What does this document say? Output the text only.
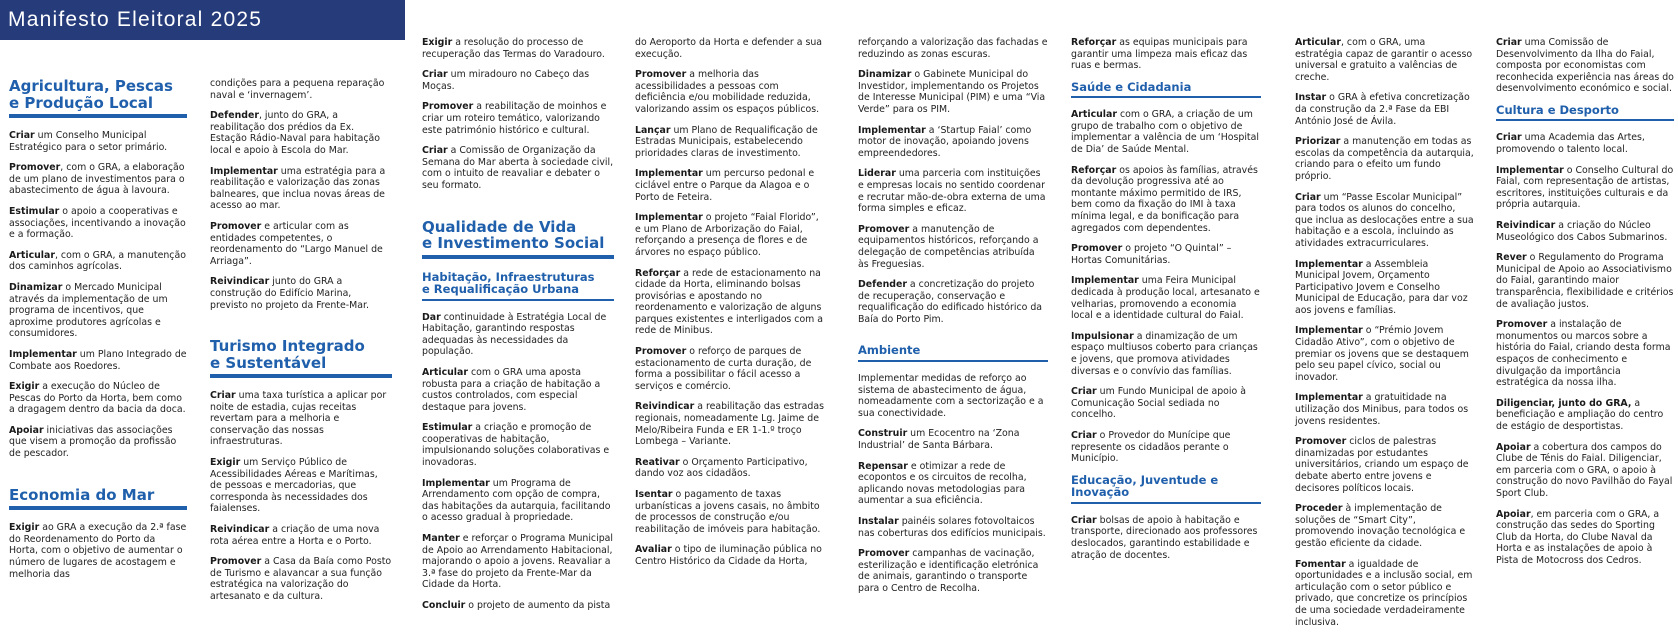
Manifesto Eleitoral 2025
Agricultura, Pescas
e Produção Local

Criar um Conselho Municipal Estratégico para o setor primário.

Promover, com o GRA, a elaboração de um plano de investimentos para o abastecimento de água à lavoura.

Estimular o apoio a cooperativas e associações, incentivando a inovação e a formação.

Articular, com o GRA, a manutenção dos caminhos agrícolas.

Dinamizar o Mercado Municipal através da implementação de um programa de incentivos, que aproxime produtores agrícolas e consumidores.

Implementar um Plano Integrado de Combate aos Roedores.

Exigir a execução do Núcleo de Pescas do Porto da Horta, bem como a dragagem dentro da bacia da doca.

Apoiar iniciativas das associações que visem a promoção da profissão de pescador.

Economia do Mar

Exigir ao GRA a execução da 2.ª fase do Reordenamento do Porto da Horta, com o objetivo de aumentar o número de lugares de acostagem e melhoria das

condições para a pequena reparação naval e ‘invernagem’.

Defender, junto do GRA, a reabilitação dos prédios da Ex. Estação Rádio-Naval para habitação local e apoio à Escola do Mar.

Implementar uma estratégia para a reabilitação e valorização das zonas balneares, que inclua novas áreas de acesso ao mar.

Promover e articular com as entidades competentes, o reordenamento do “Largo Manuel de Arriaga”.

Reivindicar junto do GRA a construção do Edifício Marina, previsto no projeto da Frente-Mar.

Turismo Integrado
e Sustentável

Criar uma taxa turística a aplicar por noite de estadia, cujas receitas revertam para a melhoria e conservação das nossas infraestruturas.

Exigir um Serviço Público de Acessibilidades Aéreas e Marítimas, de pessoas e mercadorias, que corresponda às necessidades dos faialenses.

Reivindicar a criação de uma nova rota aérea entre a Horta e o Porto.

Promover a Casa da Baía como Posto de Turismo e alavancar a sua função estratégica na valorização do artesanato e da cultura.

Exigir a resolução do processo de recuperação das Termas do Varadouro.

Criar um miradouro no Cabeço das Moças.

Promover a reabilitação de moinhos e criar um roteiro temático, valorizando este património histórico e cultural.

Criar a Comissão de Organização da Semana do Mar aberta à sociedade civil, com o intuito de reavaliar e debater o seu formato.

Qualidade de Vida
e Investimento Social
Habitação, Infraestruturas
e Requalificação Urbana

Dar continuidade à Estratégia Local de Habitação, garantindo respostas adequadas às necessidades da população.

Articular com o GRA uma aposta robusta para a criação de habitação a custos controlados, com especial destaque para jovens.

Estimular a criação e promoção de cooperativas de habitação, impulsionando soluções colaborativas e inovadoras.

Implementar um Programa de Arrendamento com opção de compra, das habitações da autarquia, facilitando o acesso gradual à propriedade.

Manter e reforçar o Programa Municipal de Apoio ao Arrendamento Habitacional, majorando o apoio a jovens. Reavaliar a 3.ª fase do projeto da Frente-Mar da Cidade da Horta.

Concluir o projeto de aumento da pista

do Aeroporto da Horta e defender a sua execução.

Promover a melhoria das acessibilidades a pessoas com deficiência e/ou mobilidade reduzida, valorizando assim os espaços públicos.

Lançar um Plano de Requalificação de Estradas Municipais, estabelecendo prioridades claras de investimento.

Implementar um percurso pedonal e ciclável entre o Parque da Alagoa e o Porto de Feteira.

Implementar o projeto “Faial Florido”, e um Plano de Arborização do Faial, reforçando a presença de flores e de árvores no espaço público.

Reforçar a rede de estacionamento na cidade da Horta, eliminando bolsas provisórias e apostando no reordenamento e valorização de alguns parques existentes e interligados com a rede de Minibus.

Promover o reforço de parques de estacionamento de curta duração, de forma a possibilitar o fácil acesso a serviços e comércio.

Reivindicar a reabilitação das estradas regionais, nomeadamente Lg. Jaime de Melo/Ribeira Funda e ER 1-1.º troço Lombega – Variante.

Reativar o Orçamento Participativo, dando voz aos cidadãos.

Isentar o pagamento de taxas urbanísticas a jovens casais, no âmbito de processos de construção e/ou reabilitação de imóveis para habitação.

Avaliar o tipo de iluminação pública no Centro Histórico da Cidade da Horta,

reforçando a valorização das fachadas e reduzindo as zonas escuras.

Dinamizar o Gabinete Municipal do Investidor, implementando os Projetos de Interesse Municipal (PIM) e uma “Via Verde” para os PIM.

Implementar a ‘Startup Faial’ como motor de inovação, apoiando jovens empreendedores.

Liderar uma parceria com instituições e empresas locais no sentido coordenar e recrutar mão-de-obra externa de uma forma simples e eficaz.

Promover a manutenção de equipamentos históricos, reforçando a delegação de competências atribuída às Freguesias.

Defender a concretização do projeto de recuperação, conservação e requalificação do edificado histórico da Baía do Porto Pim.

Ambiente

Implementar medidas de reforço ao sistema de abastecimento de água, nomeadamente com a sectorização e a sua conectividade.

Construir um Ecocentro na ‘Zona Industrial’ de Santa Bárbara.

Repensar e otimizar a rede de ecopontos e os circuitos de recolha, aplicando novas metodologias para aumentar a sua eficiência.

Instalar painéis solares fotovoltaicos nas coberturas dos edifícios municipais.

Promover campanhas de vacinação, esterilização e identificação eletrónica de animais, garantindo o transporte para o Centro de Recolha.

Reforçar as equipas municipais para garantir uma limpeza mais eficaz das ruas e bermas.

Saúde e Cidadania

Articular com o GRA, a criação de um grupo de trabalho com o objetivo de implementar a valência de um ‘Hospital de Dia’ de Saúde Mental.

Reforçar os apoios às famílias, através da devolução progressiva até ao montante máximo permitido de IRS, bem como da fixação do IMI à taxa mínima legal, e da bonificação para agregados com dependentes.

Promover o projeto “O Quintal” – Hortas Comunitárias.

Implementar uma Feira Municipal dedicada à produção local, artesanato e velharias, promovendo a economia local e a identidade cultural do Faial.

Impulsionar a dinamização de um espaço multiusos coberto para crianças e jovens, que promova atividades diversas e o convívio das famílias.

Criar um Fundo Municipal de apoio à Comunicação Social sediada no concelho.

Criar o Provedor do Munícipe que represente os cidadãos perante o Município.

Educação, Juventude e Inovação

Criar bolsas de apoio à habitação e transporte, direcionado aos professores deslocados, garantindo estabilidade e atração de docentes.

Articular, com o GRA, uma estratégia capaz de garantir o acesso universal e gratuito a valências de creche.

Instar o GRA à efetiva concretização da construção da 2.ª Fase da EBI António José de Ávila.

Priorizar a manutenção em todas as escolas da competência da autarquia, criando para o efeito um fundo próprio.

Criar um “Passe Escolar Municipal” para todos os alunos do concelho, que inclua as deslocações entre a sua habitação e a escola, incluindo as atividades extracurriculares.

Implementar a Assembleia Municipal Jovem, Orçamento Participativo Jovem e Conselho Municipal de Educação, para dar voz aos jovens e famílias.

Implementar o “Prémio Jovem Cidadão Ativo”, com o objetivo de premiar os jovens que se destaquem pelo seu papel cívico, social ou inovador.

Implementar a gratuitidade na utilização dos Minibus, para todos os jovens residentes.

Promover ciclos de palestras dinamizadas por estudantes universitários, criando um espaço de debate aberto entre jovens e decisores políticos locais.

Proceder à implementação de soluções de “Smart City”, promovendo inovação tecnológica e gestão eficiente da cidade.

Fomentar a igualdade de oportunidades e a inclusão social, em articulação com o setor público e privado, que concretize os princípios de uma sociedade verdadeiramente inclusiva.

Criar uma Comissão de Desenvolvimento da Ilha do Faial, composta por economistas com reconhecida experiência nas áreas do desenvolvimento económico e social.

Cultura e Desporto

Criar uma Academia das Artes, promovendo o talento local.

Implementar o Conselho Cultural do Faial, com representação de artistas, escritores, instituições culturais e da própria autarquia.

Reivindicar a criação do Núcleo Museológico dos Cabos Submarinos.

Rever o Regulamento do Programa Municipal de Apoio ao Associativismo do Faial, garantindo maior transparência, flexibilidade e critérios de avaliação justos.

Promover a instalação de monumentos ou marcos sobre a história do Faial, criando desta forma espaços de conhecimento e divulgação da importância estratégica da nossa ilha.

Diligenciar, junto do GRA, a beneficiação e ampliação do centro de estágio de desportistas.

Apoiar a cobertura dos campos do Clube de Ténis do Faial. Diligenciar, em parceria com o GRA, o apoio à construção do novo Pavilhão do Fayal Sport Club.

Apoiar, em parceria com o GRA, a construção das sedes do Sporting Club da Horta, do Clube Naval da Horta e as instalações de apoio à Pista de Motocross dos Cedros.
